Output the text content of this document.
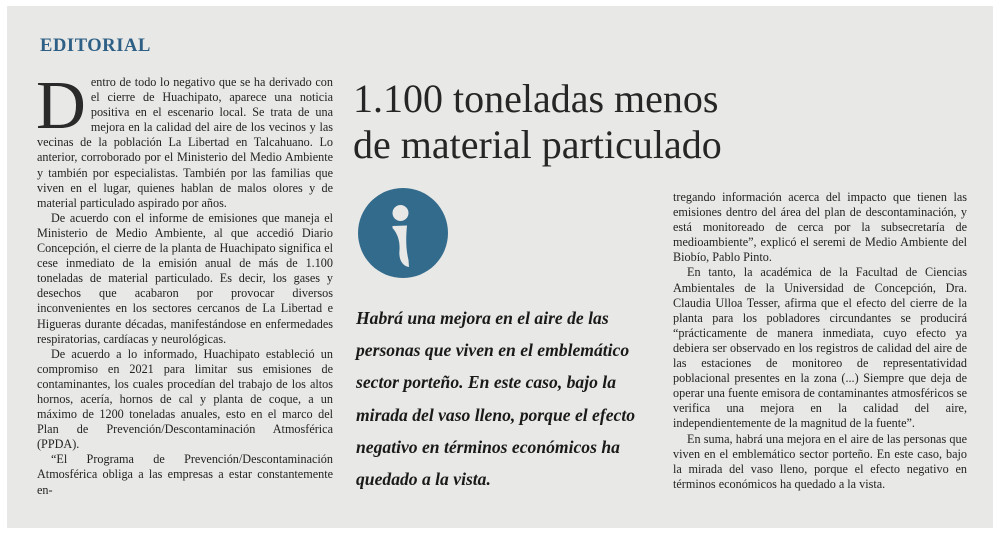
EDITORIAL

Dentro de todo lo negativo que se ha derivado con el cierre de Huachipato, aparece una noticia positiva en el escenario local. Se trata de una mejora en la calidad del aire de los vecinos y las vecinas de la población La Libertad en Talcahuano. Lo anterior, corroborado por el Ministerio del Medio Ambiente y también por especialistas. También por las familias que viven en el lugar, quienes hablan de malos olores y de material particulado aspirado por años.

De acuerdo con el informe de emisiones que maneja el Ministerio de Medio Ambiente, al que accedió Diario Concepción, el cierre de la planta de Huachipato significa el cese inmediato de la emisión anual de más de 1.100 toneladas de material particulado. Es decir, los gases y desechos que acabaron por provocar diversos inconvenientes en los sectores cercanos de La Libertad e Higueras durante décadas, manifestándose en enfermedades respiratorias, cardíacas y neurológicas.

De acuerdo a lo informado, Huachipato estableció un compromiso en 2021 para limitar sus emisiones de contaminantes, los cuales procedían del trabajo de los altos hornos, acería, hornos de cal y planta de coque, a un máximo de 1200 toneladas anuales, esto en el marco del Plan de Prevención/Descontaminación Atmosférica (PPDA).

“El Programa de Prevención/Descontaminación Atmosférica obliga a las empresas a estar constantemente en-

1.100 toneladas menos
de material particulado
Habrá una mejora en el aire de las personas que viven en el emblemático sector porteño. En este caso, bajo la mirada del vaso lleno, porque el efecto negativo en términos económicos ha quedado a la vista.

tregando información acerca del impacto que tienen las emisiones dentro del área del plan de descontaminación, y está monitoreado de cerca por la subsecretaría de medioambiente”, explicó el seremi de Medio Ambiente del Biobío, Pablo Pinto.

En tanto, la académica de la Facultad de Ciencias Ambientales de la Universidad de Concepción, Dra. Claudia Ulloa Tesser, afirma que el efecto del cierre de la planta para los pobladores circundantes se producirá “prácticamente de manera inmediata, cuyo efecto ya debiera ser observado en los registros de calidad del aire de las estaciones de monitoreo de representatividad poblacional presentes en la zona (...) Siempre que deja de operar una fuente emisora de contaminantes atmosféricos se verifica una mejora en la calidad del aire, independientemente de la magnitud de la fuente”.

En suma, habrá una mejora en el aire de las personas que viven en el emblemático sector porteño. En este caso, bajo la mirada del vaso lleno, porque el efecto negativo en términos económicos ha quedado a la vista.
